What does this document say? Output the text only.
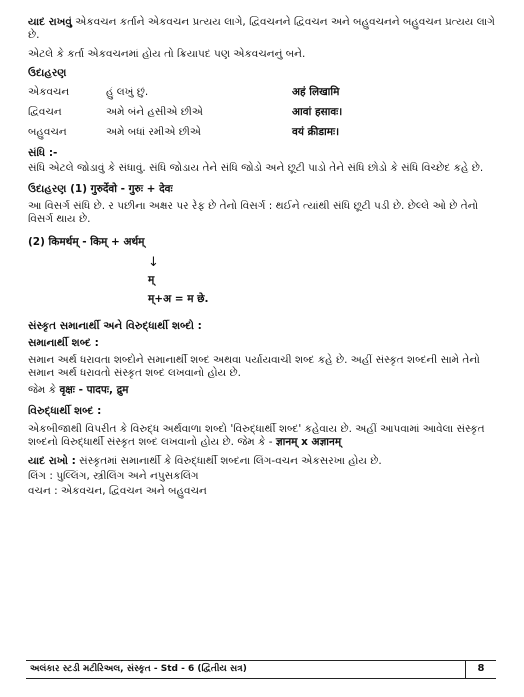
યાદ રાખવું એકવચન કર્તાને એકવચન પ્રત્યય લાગે, દ્વિવચનને દ્વિવચન અને બહુવચનને બહુવચન પ્રત્યય લાગે છે.

એટલે કે કર્તા એકવચનમાં હોય તો ક્રિયાપદ પણ એકવચનનું બને.

ઉદાહરણ

એકવચન	હું લખું છું.	अहं लिखामि
દ્વિવચન	અમે બંને હસીએ છીએ	आवां हसावः।
બહુવચન	અમે બધાં રમીએ છીએ	वयं क्रीडामः।

સંધિ :-

સંધિ એટલે જોડાવું કે સંધાવું. સંધિ જોડાય તેને સંધિ જોડો અને છૂટી પાડો તેને સંધિ છોડો કે સંધિ વિચ્છેદ કહે છે.

ઉદાહરણ (1) गुरुर्देवो - गुरुः + देवः

આ વિસર્ગ સંધિ છે. ર પછીના અક્ષર પર રેફ છે તેનો વિસર્ગ : થઈને ત્યાંથી સંધિ છૂટી પડી છે. છેલ્લે ઓ છે તેનો વિસર્ગ થાય છે.

(2) किमर्थम् - किम् + अर्थम्

↓

म्

म्+अ = म छे.

સંસ્કૃત સમાનાર્થી અને વિરુદ્ધાર્થી શબ્દો :

સમાનાર્થી શબ્દ :

સમાન અર્થ ધરાવતા શબ્દોને સમાનાર્થી શબ્દ અથવા પર્યાયવાચી શબ્દ કહે છે. અહીં સંસ્કૃત શબ્દની સામે તેનો સમાન અર્થ ધરાવતો સંસ્કૃત શબ્દ લખવાનો હોય છે.

જેમ કે वृक्षः - पादपः, द्रुम

વિરુદ્ધાર્થી શબ્દ :

એકબીજાથી વિપરીત કે વિરુદ્ધ અર્થવાળા શબ્દો 'વિરુદ્ધાર્થી શબ્દ' કહેવાય છે. અહીં આપવામાં આવેલા સંસ્કૃત શબ્દનો વિરુદ્ધાર્થી સંસ્કૃત શબ્દ લખવાનો હોય છે. જેમ કે - ज्ञानम् x अज्ञानम्

યાદ રાખો : સંસ્કૃતમાં સમાનાર્થી કે વિરુદ્ધાર્થી શબ્દના લિંગ-વચન એકસરખા હોય છે.

લિંગ : પુલ્લિંગ, સ્ત્રીલિંગ અને નપુસકલિંગ

વચન : એકવચન, દ્વિવચન અને બહુવચન

અલંકાર સ્ટડી મટીરિઅલ, સંસ્કૃત - Std - 6 (દ્વિતીય સત્ર)	8
